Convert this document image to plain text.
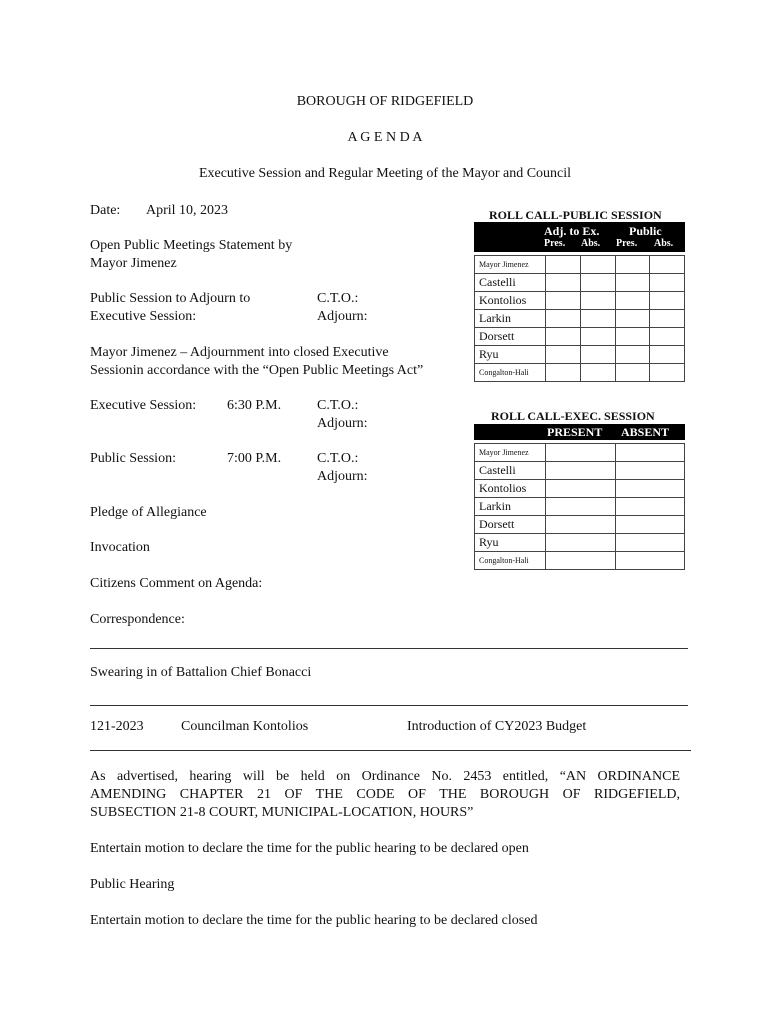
BOROUGH OF RIDGEFIELD
A G E N D A
Executive Session and Regular Meeting of the Mayor and Council
Date: April 10, 2023
Open Public Meetings Statement by
Mayor Jimenez
Public Session to Adjourn to
Executive Session:
C.T.O.:
Adjourn:
Mayor Jimenez – Adjournment into closed Executive
Sessionin accordance with the “Open Public Meetings Act”
Executive Session: 6:30 P.M.	C.T.O.:
Adjourn:
Public Session:	7:00 P.M.	C.T.O.:
Adjourn:
Pledge of Allegiance
Invocation
Citizens Comment on Agenda:
Correspondence:
Swearing in of Battalion Chief Bonacci
121-2023	Councilman Kontolios	Introduction of CY2023 Budget
As advertised, hearing will be held on Ordinance No. 2453 entitled, “AN ORDINANCE
AMENDING CHAPTER 21 OF THE CODE OF THE BOROUGH OF RIDGEFIELD,
SUBSECTION 21-8 COURT, MUNICIPAL-LOCATION, HOURS”
Entertain motion to declare the time for the public hearing to be declared open
Public Hearing
Entertain motion to declare the time for the public hearing to be declared closed
ROLL CALL-PUBLIC SESSION
Adj. to Ex. Public
Pres. Abs. Pres. Abs.
Mayor Jimenez				
Castelli				
Kontolios				
Larkin				
Dorsett				
Ryu				
Congalton-Hali				
ROLL CALL-EXEC. SESSION
PRESENT ABSENT
Mayor Jimenez		
Castelli		
Kontolios		
Larkin		
Dorsett		
Ryu		
Congalton-Hali		
